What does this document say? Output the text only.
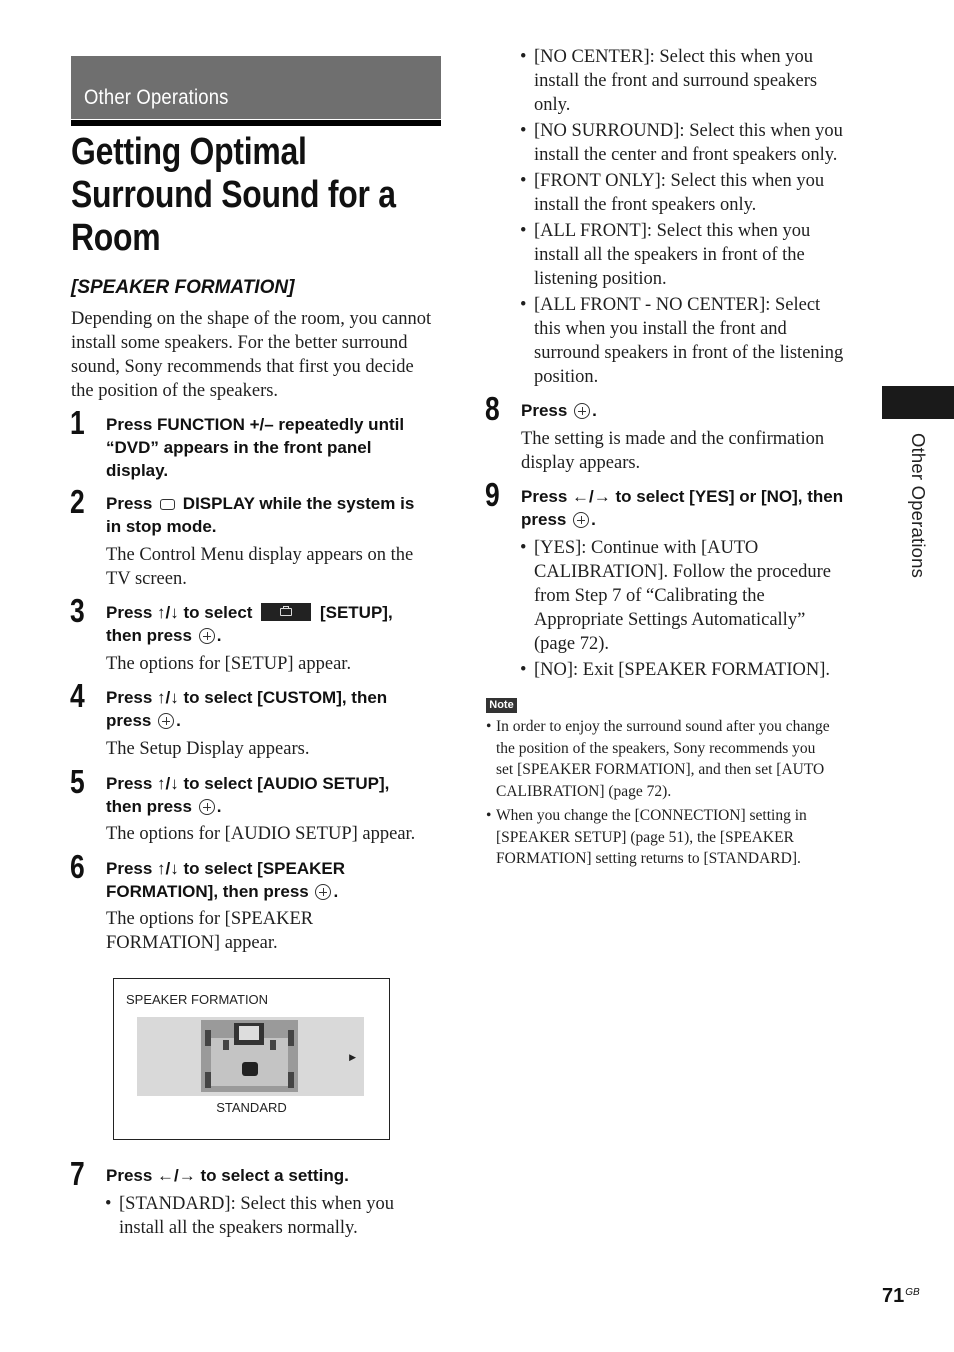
Other Operations
Getting Optimal
Surround Sound for a
Room
[SPEAKER FORMATION]
Depending on the shape of the room, you cannot
install some speakers. For the better surround
sound, Sony recommends that first you decide
the position of the speakers.
1 Press FUNCTION +/– repeatedly until
“DVD” appears in the front panel
display.
2 Press DISPLAY while the system is
in stop mode.
The Control Menu display appears on the
TV screen.
3 Press ↑/↓ to select	[SETUP],
then press .
The options for [SETUP] appear.
4 Press ↑/↓ to select [CUSTOM], then
press .
The Setup Display appears.
5 Press ↑/↓ to select [AUDIO SETUP],
then press .
The options for [AUDIO SETUP] appear.
6 Press ↑/↓ to select [SPEAKER
FORMATION], then press .
The options for [SPEAKER
FORMATION] appear.
SPEAKER FORMATION
▶
STANDARD
7 Press ←/→ to select a setting.
• [STANDARD]: Select this when you
install all the speakers normally.
• [NO CENTER]: Select this when you
install the front and surround speakers
only.
• [NO SURROUND]: Select this when you
install the center and front speakers only.
• [FRONT ONLY]: Select this when you
install the front speakers only.
• [ALL FRONT]: Select this when you
install all the speakers in front of the
listening position.
• [ALL FRONT - NO CENTER]: Select
this when you install the front and
surround speakers in front of the listening
position.
8 Press .
The setting is made and the confirmation
display appears.
9 Press ←/→ to select [YES] or [NO], then
press .
• [YES]: Continue with [AUTO
CALIBRATION]. Follow the procedure
from Step 7 of “Calibrating the
Appropriate Settings Automatically”
(page 72).
• [NO]: Exit [SPEAKER FORMATION].
Note
• In order to enjoy the surround sound after you change
the position of the speakers, Sony recommends you
set [SPEAKER FORMATION], and then set [AUTO
CALIBRATION] (page 72).
• When you change the [CONNECTION] setting in
[SPEAKER SETUP] (page 51), the [SPEAKER
FORMATION] setting returns to [STANDARD].
Other Operations
$71^{GB}$
